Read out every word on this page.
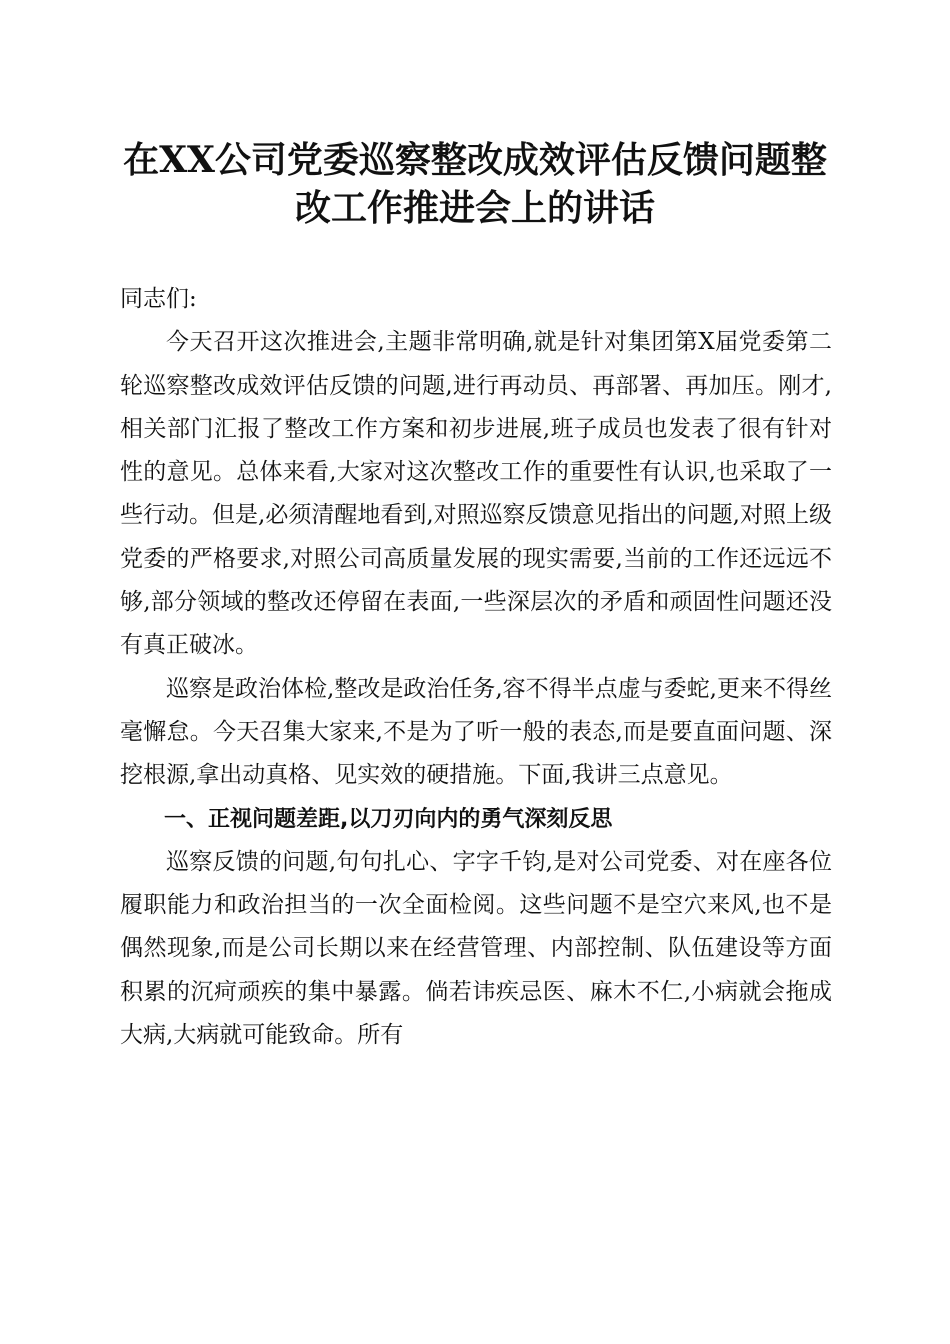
在XX公司党委巡察整改成效评估反馈问题整
改工作推进会上的讲话

同志们:

今天召开这次推进会,主题非常明确,就是针对集团第X届党委第二轮巡察整改成效评估反馈的问题,进行再动员、再部署、再加压。刚才,相关部门汇报了整改工作方案和初步进展,班子成员也发表了很有针对性的意见。总体来看,大家对这次整改工作的重要性有认识,也采取了一些行动。但是,必须清醒地看到,对照巡察反馈意见指出的问题,对照上级党委的严格要求,对照公司高质量发展的现实需要,当前的工作还远远不够,部分领域的整改还停留在表面,一些深层次的矛盾和顽固性问题还没有真正破冰。

巡察是政治体检,整改是政治任务,容不得半点虚与委蛇,更来不得丝毫懈怠。今天召集大家来,不是为了听一般的表态,而是要直面问题、深挖根源,拿出动真格、见实效的硬措施。下面,我讲三点意见。

一、正视问题差距,以刀刃向内的勇气深刻反思

巡察反馈的问题,句句扎心、字字千钧,是对公司党委、对在座各位履职能力和政治担当的一次全面检阅。这些问题不是空穴来风,也不是偶然现象,而是公司长期以来在经营管理、内部控制、队伍建设等方面积累的沉疴顽疾的集中暴露。倘若讳疾忌医、麻木不仁,小病就会拖成大病,大病就可能致命。所有
